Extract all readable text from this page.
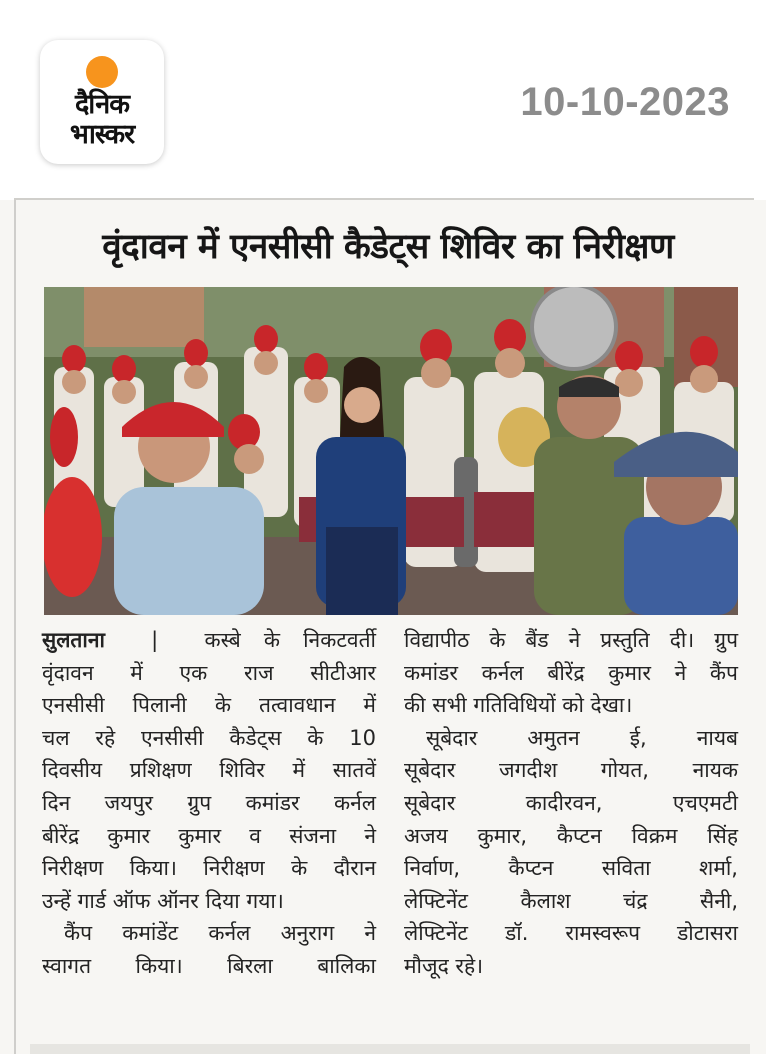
दैनिक
भास्कर
10-10-2023
वृंदावन में एनसीसी कैडेट्स शिविर का निरीक्षण
सुलताना  |  कस्बे के निकटवर्ती
वृंदावन में एक राज सीटीआर
एनसीसी पिलानी के तत्वावधान में
चल रहे एनसीसी कैडेट्स के 10
दिवसीय प्रशिक्षण शिविर में सातवें
दिन जयपुर ग्रुप कमांडर कर्नल
बीरेंद्र कुमार कुमार व संजना ने
निरीक्षण किया। निरीक्षण के दौरान
उन्हें गार्ड ऑफ ऑनर दिया गया।
कैंप कमांडेंट कर्नल अनुराग ने
स्वागत किया। बिरला बालिका
विद्यापीठ के बैंड ने प्रस्तुति दी। ग्रुप
कमांडर कर्नल बीरेंद्र कुमार ने कैंप
की सभी गतिविधियों को देखा।
सूबेदार अमुतन ई, नायब
सूबेदार जगदीश गोयत, नायक
सूबेदार कादीरवन, एचएमटी
अजय कुमार, कैप्टन विक्रम सिंह
निर्वाण, कैप्टन सविता शर्मा,
लेफ्टिनेंट कैलाश चंद्र सैनी,
लेफ्टिनेंट डॉ. रामस्वरूप डोटासरा
मौजूद रहे।
